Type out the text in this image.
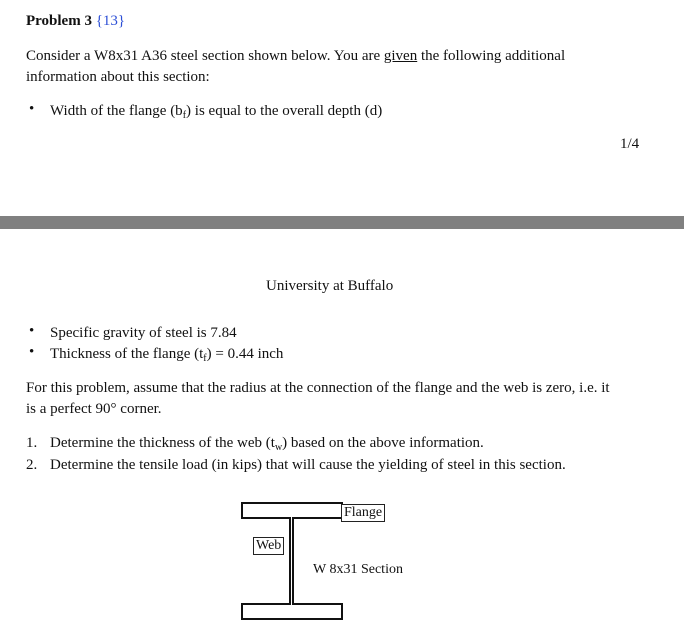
Problem 3 {13}
Consider a W8x31 A36 steel section shown below. You are given the following additional
information about this section:
• Width of the flange $(b_f)$ is equal to the overall depth (d)
1/4
University at Buffalo
• Specific gravity of steel is 7.84
• Thickness of the flange $(t_f) = 0.44$ inch
For this problem, assume that the radius at the connection of the flange and the web is zero, i.e. it
is a perfect 90° corner.
1. Determine the thickness of the web $(t_w)$ based on the above information.
2. Determine the tensile load (in kips) that will cause the yielding of steel in this section.
Flange
Web
W 8x31 Section
